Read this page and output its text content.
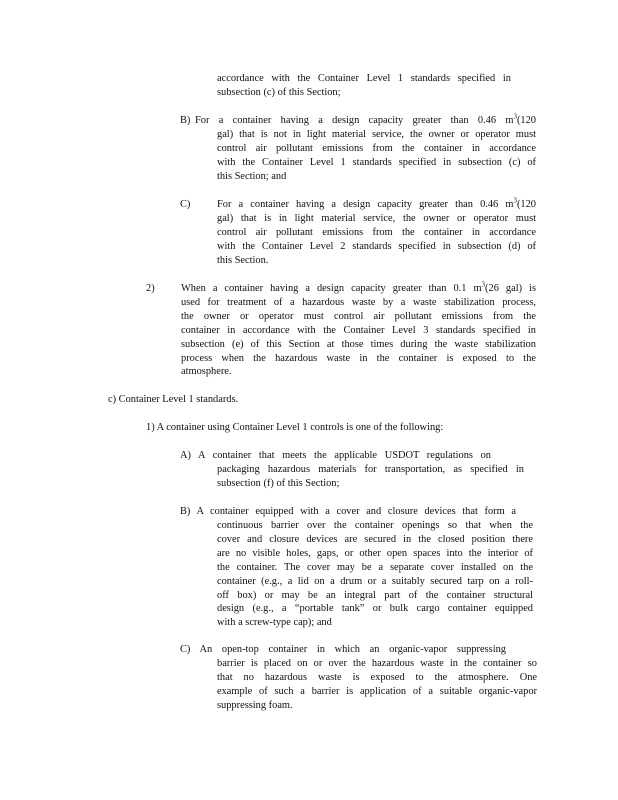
accordance with the Container Level 1 standards specified in
subsection (c) of this Section;
B) For a container having a design capacity greater than 0.46 $m^3(120$
gal) that is not in light material service, the owner or operator must
control air pollutant emissions from the container in accordance
with the Container Level 1 standards specified in subsection (c) of
this Section; and
C)	For a container having a design capacity greater than 0.46 $m^3(120$
gal) that is in light material service, the owner or operator must
control air pollutant emissions from the container in accordance
with the Container Level 2 standards specified in subsection (d) of
this Section.
2)	When a container having a design capacity greater than 0.1 $m^3(26$ gal) is
used for treatment of a hazardous waste by a waste stabilization process,
the owner or operator must control air pollutant emissions from the
container in accordance with the Container Level 3 standards specified in
subsection (e) of this Section at those times during the waste stabilization
process when the hazardous waste in the container is exposed to the
atmosphere.
c) Container Level 1 standards.
1) A container using Container Level 1 controls is one of the following:
A) A container that meets the applicable USDOT regulations on
packaging hazardous materials for transportation, as specified in
subsection (f) of this Section;
B) A container equipped with a cover and closure devices that form a
continuous barrier over the container openings so that when the
cover and closure devices are secured in the closed position there
are no visible holes, gaps, or other open spaces into the interior of
the container. The cover may be a separate cover installed on the
container (e.g., a lid on a drum or a suitably secured tarp on a roll-
off box) or may be an integral part of the container structural
design (e.g., a “portable tank” or bulk cargo container equipped
with a screw-type cap); and
C) An open-top container in which an organic-vapor suppressing
barrier is placed on or over the hazardous waste in the container so
that no hazardous waste is exposed to the atmosphere. One
example of such a barrier is application of a suitable organic-vapor
suppressing foam.
